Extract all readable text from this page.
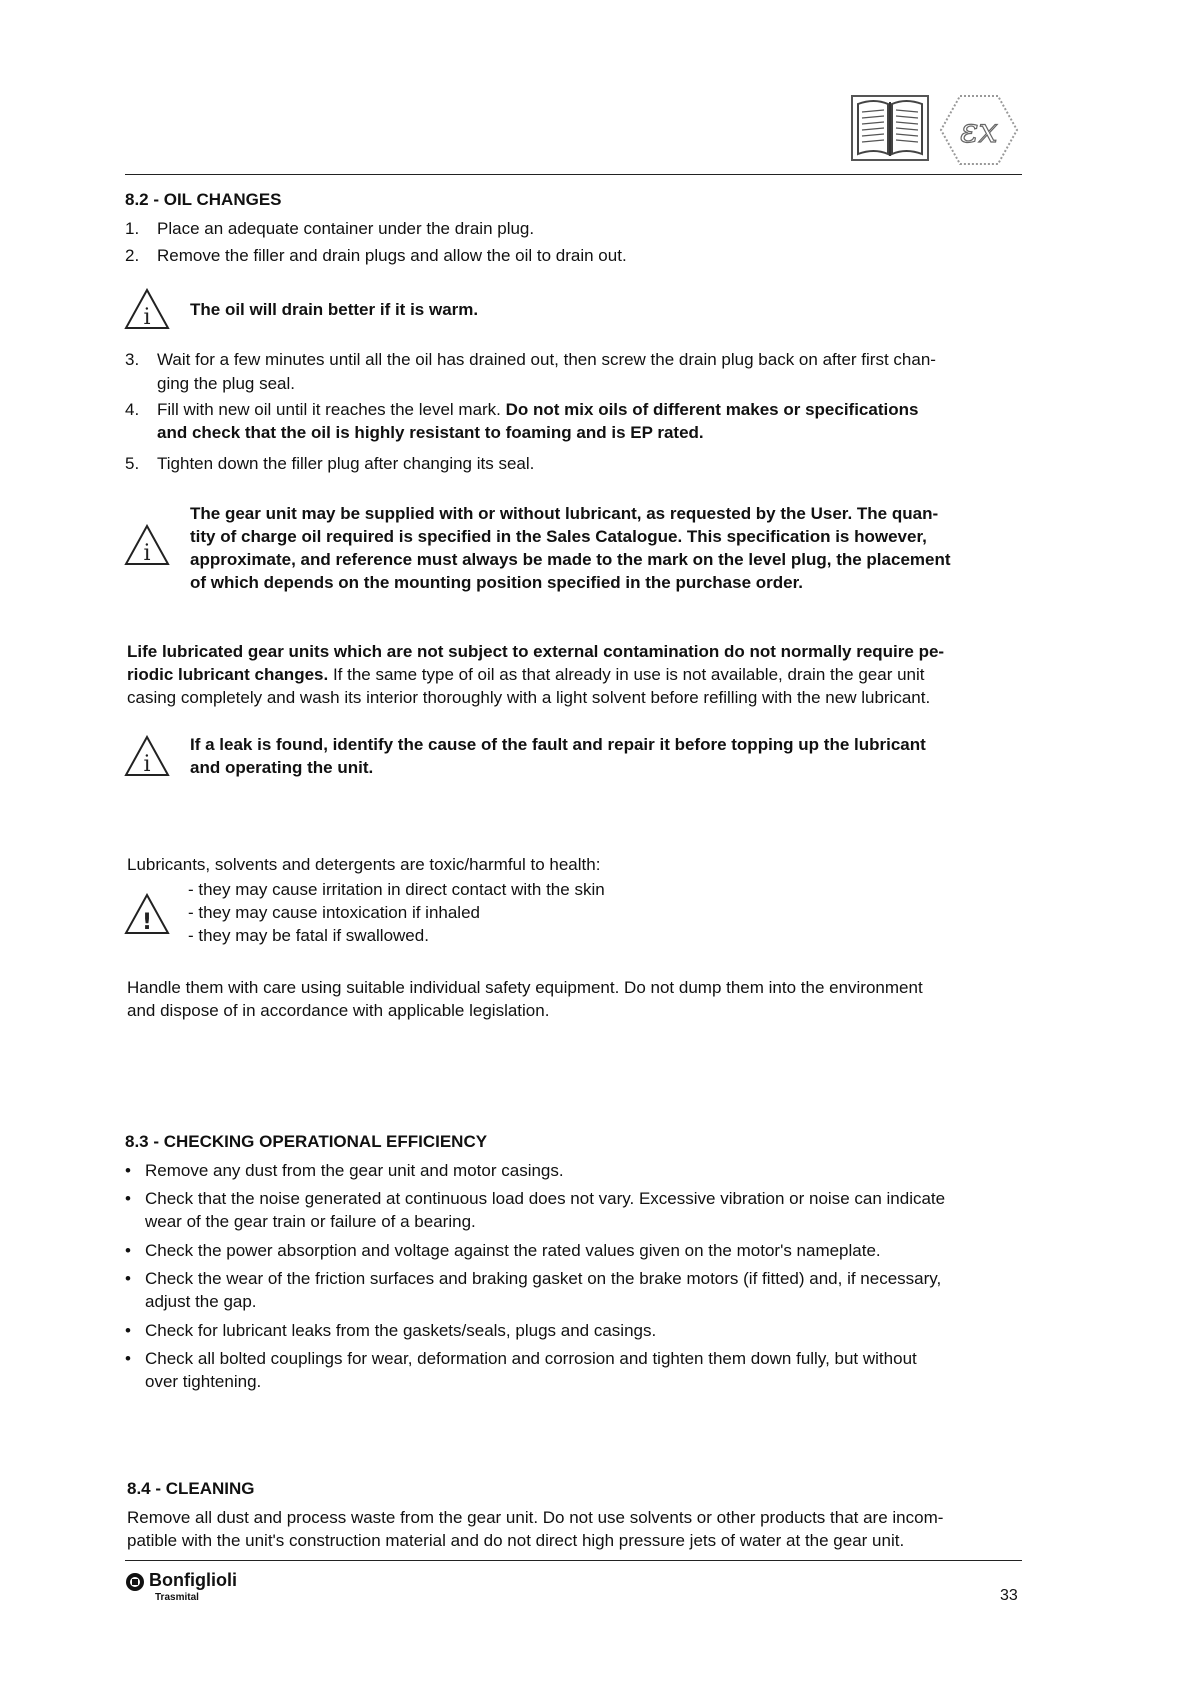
εx
8.2 - OIL CHANGES
1.	Place an adequate container under the drain plug.
2.	Remove the filler and drain plugs and allow the oil to drain out.
i The oil will drain better if it is warm.
3.	Wait for a few minutes until all the oil has drained out, then screw the drain plug back on after first chan-
ging the plug seal.
4.	Fill with new oil until it reaches the level mark. Do not mix oils of different makes or specifications
and check that the oil is highly resistant to foaming and is EP rated.
5.	Tighten down the filler plug after changing its seal.
i
The gear unit may be supplied with or without lubricant, as requested by the User. The quan-
tity of charge oil required is specified in the Sales Catalogue. This specification is however,
approximate, and reference must always be made to the mark on the level plug, the placement
of which depends on the mounting position specified in the purchase order.
Life lubricated gear units which are not subject to external contamination do not normally require pe-
riodic lubricant changes. If the same type of oil as that already in use is not available, drain the gear unit
casing completely and wash its interior thoroughly with a light solvent before refilling with the new lubricant.
i
If a leak is found, identify the cause of the fault and repair it before topping up the lubricant
and operating the unit.
Lubricants, solvents and detergents are toxic/harmful to health:
!
- they may cause irritation in direct contact with the skin
- they may cause intoxication if inhaled
- they may be fatal if swallowed.
Handle them with care using suitable individual safety equipment. Do not dump them into the environment
and dispose of in accordance with applicable legislation.
8.3 - CHECKING OPERATIONAL EFFICIENCY
• Remove any dust from the gear unit and motor casings.
• Check that the noise generated at continuous load does not vary. Excessive vibration or noise can indicate
wear of the gear train or failure of a bearing.
• Check the power absorption and voltage against the rated values given on the motor's nameplate.
• Check the wear of the friction surfaces and braking gasket on the brake motors (if fitted) and, if necessary,
adjust the gap.
• Check for lubricant leaks from the gaskets/seals, plugs and casings.
• Check all bolted couplings for wear, deformation and corrosion and tighten them down fully, but without
over tightening.
8.4 - CLEANING
Remove all dust and process waste from the gear unit. Do not use solvents or other products that are incom-
patible with the unit's construction material and do not direct high pressure jets of water at the gear unit.
Bonfiglioli
Trasmital	33
